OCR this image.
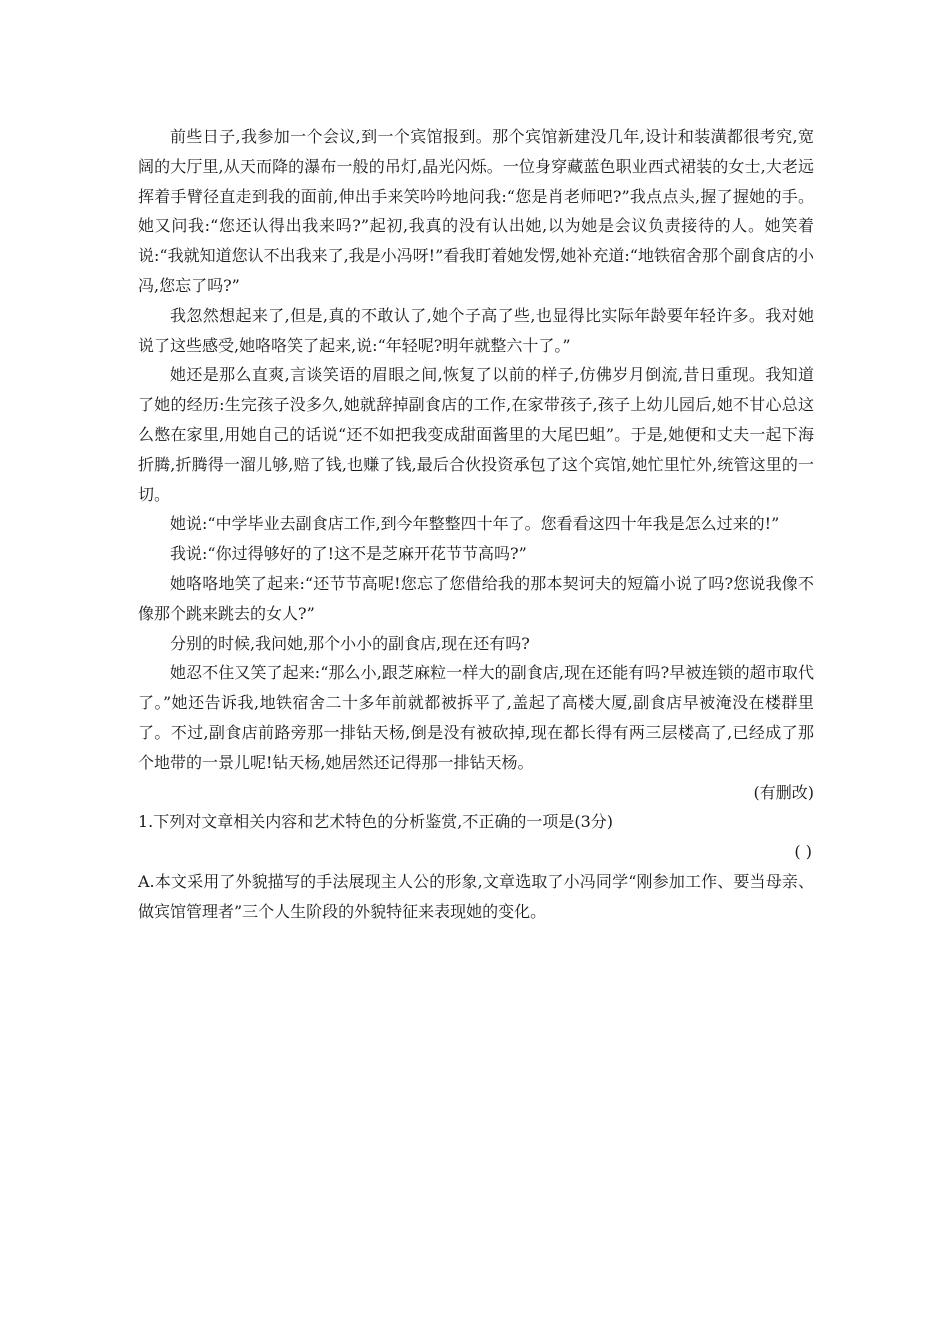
前些日子,我参加一个会议,到一个宾馆报到。那个宾馆新建没几年,设计和装潢都很考究,宽阔的大厅里,从天而降的瀑布一般的吊灯,晶光闪烁。一位身穿藏蓝色职业西式裙装的女士,大老远挥着手臂径直走到我的面前,伸出手来笑吟吟地问我:“您是肖老师吧?”我点点头,握了握她的手。她又问我:“您还认得出我来吗?”起初,我真的没有认出她,以为她是会议负责接待的人。她笑着说:“我就知道您认不出我来了,我是小冯呀!”看我盯着她发愣,她补充道:“地铁宿舍那个副食店的小冯,您忘了吗?”

我忽然想起来了,但是,真的不敢认了,她个子高了些,也显得比实际年龄要年轻许多。我对她说了这些感受,她咯咯笑了起来,说:“年轻呢?明年就整六十了。”

她还是那么直爽,言谈笑语的眉眼之间,恢复了以前的样子,仿佛岁月倒流,昔日重现。我知道了她的经历:生完孩子没多久,她就辞掉副食店的工作,在家带孩子,孩子上幼儿园后,她不甘心总这么憋在家里,用她自己的话说“还不如把我变成甜面酱里的大尾巴蛆”。于是,她便和丈夫一起下海折腾,折腾得一溜儿够,赔了钱,也赚了钱,最后合伙投资承包了这个宾馆,她忙里忙外,统管这里的一切。

她说:“中学毕业去副食店工作,到今年整整四十年了。您看看这四十年我是怎么过来的!”

我说:“你过得够好的了!这不是芝麻开花节节高吗?”

她咯咯地笑了起来:“还节节高呢!您忘了您借给我的那本契诃夫的短篇小说了吗?您说我像不像那个跳来跳去的女人?”

分别的时候,我问她,那个小小的副食店,现在还有吗?

她忍不住又笑了起来:“那么小,跟芝麻粒一样大的副食店,现在还能有吗?早被连锁的超市取代了。”她还告诉我,地铁宿舍二十多年前就都被拆平了,盖起了高楼大厦,副食店早被淹没在楼群里了。不过,副食店前路旁那一排钻天杨,倒是没有被砍掉,现在都长得有两三层楼高了,已经成了那个地带的一景儿呢!钻天杨,她居然还记得那一排钻天杨。

(有删改)

1.下列对文章相关内容和艺术特色的分析鉴赏,不正确的一项是(3分)

( )

A.本文采用了外貌描写的手法展现主人公的形象,文章选取了小冯同学“刚参加工作、要当母亲、做宾馆管理者”三个人生阶段的外貌特征来表现她的变化。
